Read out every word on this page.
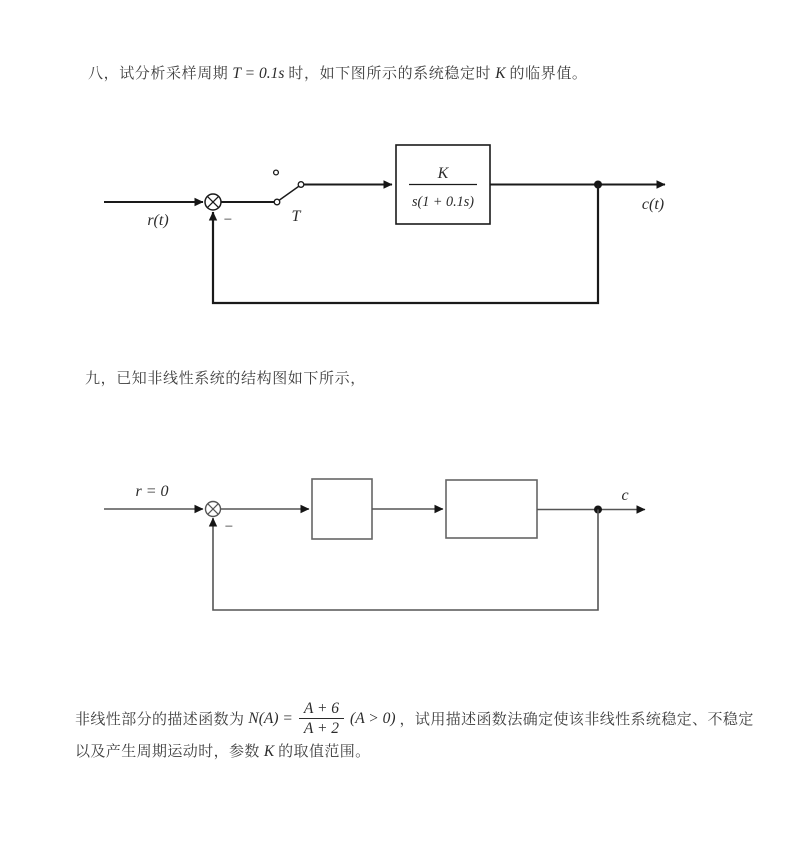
八，试分析采样周期 T = 0.1s 时，如下图所示的系统稳定时 K 的临界值。

九，已知非线性系统的结构图如下所示，

r(t)	−	T
K
s(1 + 0.1s)	c(t)
r = 0
−
c

非线性部分的描述函数为 $N(A) = \frac{A + 6}{A + 2} (A > 0)$ ，试用描述函数法确定使该非线性系统稳定、不稳定

以及产生周期运动时，参数 K 的取值范围。
